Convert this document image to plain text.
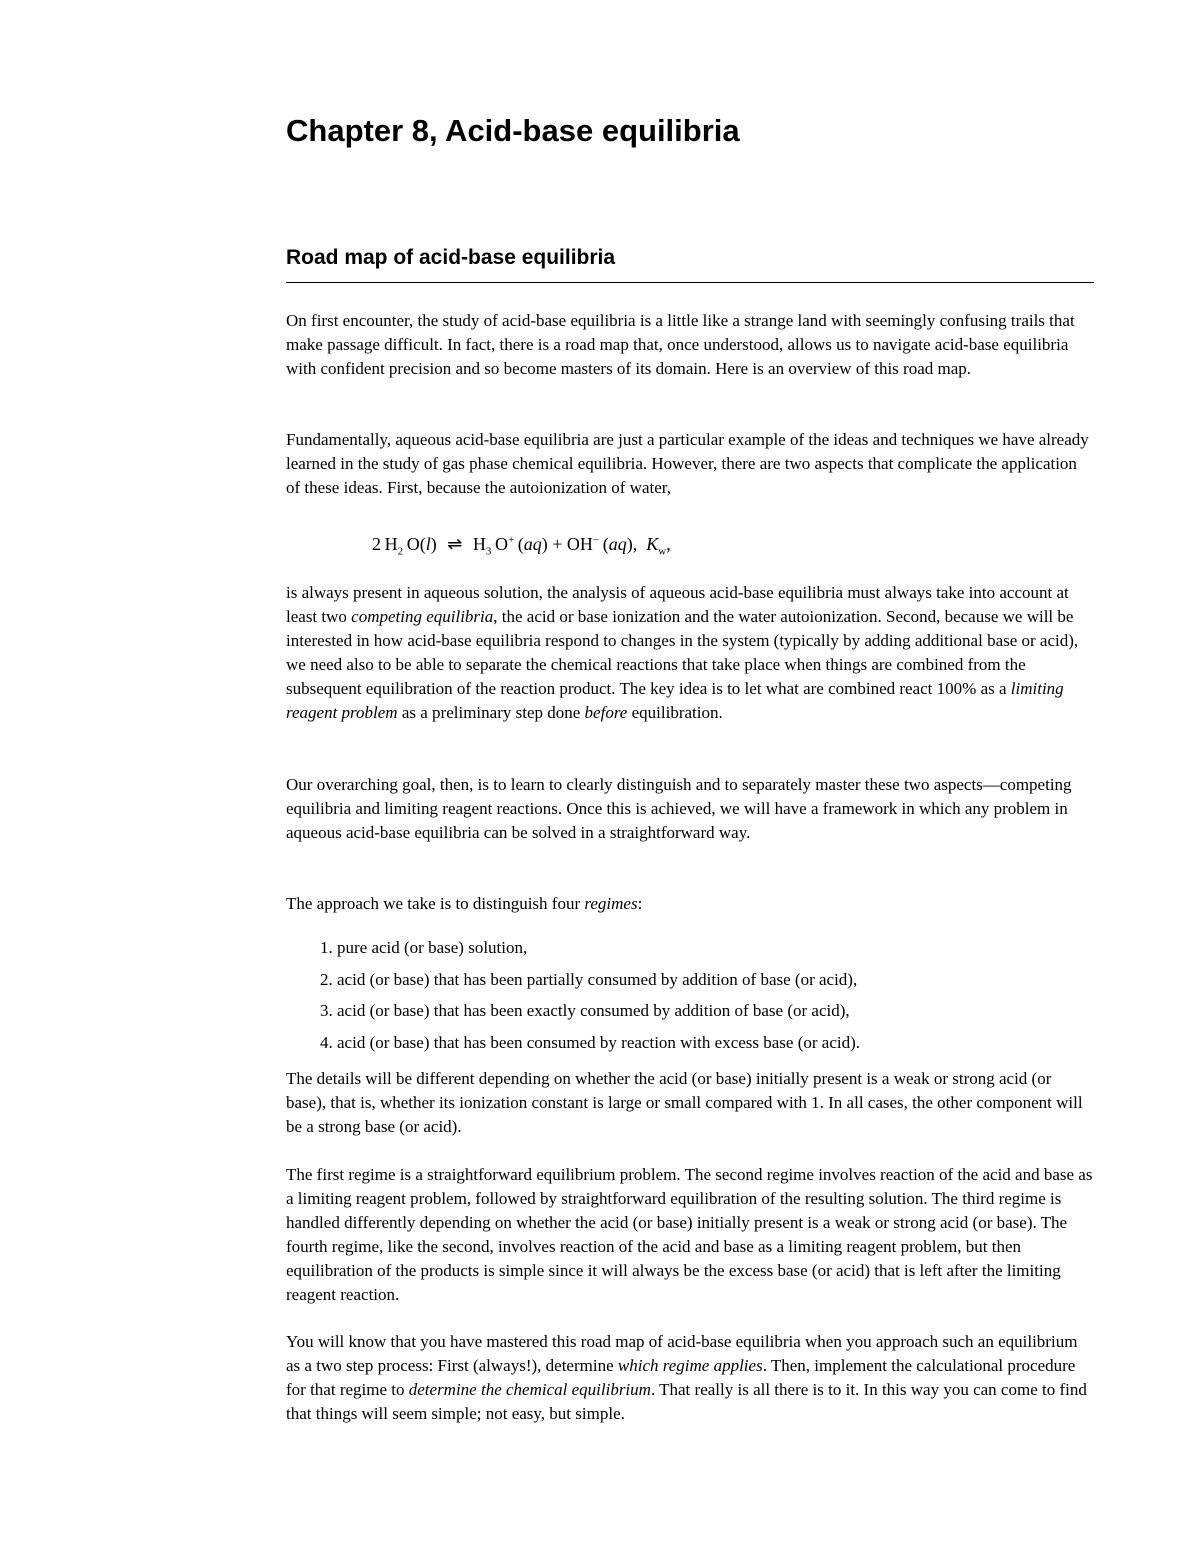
Chapter 8, Acid-base equilibria
Road map of acid-base equilibria

On first encounter, the study of acid-base equilibria is a little like a strange land with seemingly confusing trails that make passage difficult. In fact, there is a road map that, once understood, allows us to navigate acid-base equilibria with confident precision and so become masters of its domain. Here is an overview of this road map.

Fundamentally, aqueous acid-base equilibria are just a particular example of the ideas and techniques we have already learned in the study of gas phase chemical equilibria. However, there are two aspects that complicate the application of these ideas. First, because the autoionization of water,

2  $H_2$  O(l) ⇌ $H_3$  O+ (aq) + OH− (aq), $K_w$,

is always present in aqueous solution, the analysis of aqueous acid-base equilibria must always take into account at least two competing equilibria, the acid or base ionization and the water autoionization. Second, because we will be interested in how acid-base equilibria respond to changes in the system (typically by adding additional base or acid), we need also to be able to separate the chemical reactions that take place when things are combined from the subsequent equilibration of the reaction product. The key idea is to let what are combined react 100% as a limiting reagent problem as a preliminary step done before equilibration.

Our overarching goal, then, is to learn to clearly distinguish and to separately master these two aspects—competing equilibria and limiting reagent reactions. Once this is achieved, we will have a framework in which any problem in aqueous acid-base equilibria can be solved in a straightforward way.

The approach we take is to distinguish four regimes:

1. pure acid (or base) solution,
2. acid (or base) that has been partially consumed by addition of base (or acid),
3. acid (or base) that has been exactly consumed by addition of base (or acid),
4. acid (or base) that has been consumed by reaction with excess base (or acid).

The details will be different depending on whether the acid (or base) initially present is a weak or strong acid (or base), that is, whether its ionization constant is large or small compared with 1. In all cases, the other component will be a strong base (or acid).

The first regime is a straightforward equilibrium problem. The second regime involves reaction of the acid and base as a limiting reagent problem, followed by straightforward equilibration of the resulting solution. The third regime is handled differently depending on whether the acid (or base) initially present is a weak or strong acid (or base). The fourth regime, like the second, involves reaction of the acid and base as a limiting reagent problem, but then equilibration of the products is simple since it will always be the excess base (or acid) that is left after the limiting reagent reaction.

You will know that you have mastered this road map of acid-base equilibria when you approach such an equilibrium as a two step process: First (always!), determine which regime applies. Then, implement the calculational procedure for that regime to determine the chemical equilibrium. That really is all there is to it. In this way you can come to find that things will seem simple; not easy, but simple.
